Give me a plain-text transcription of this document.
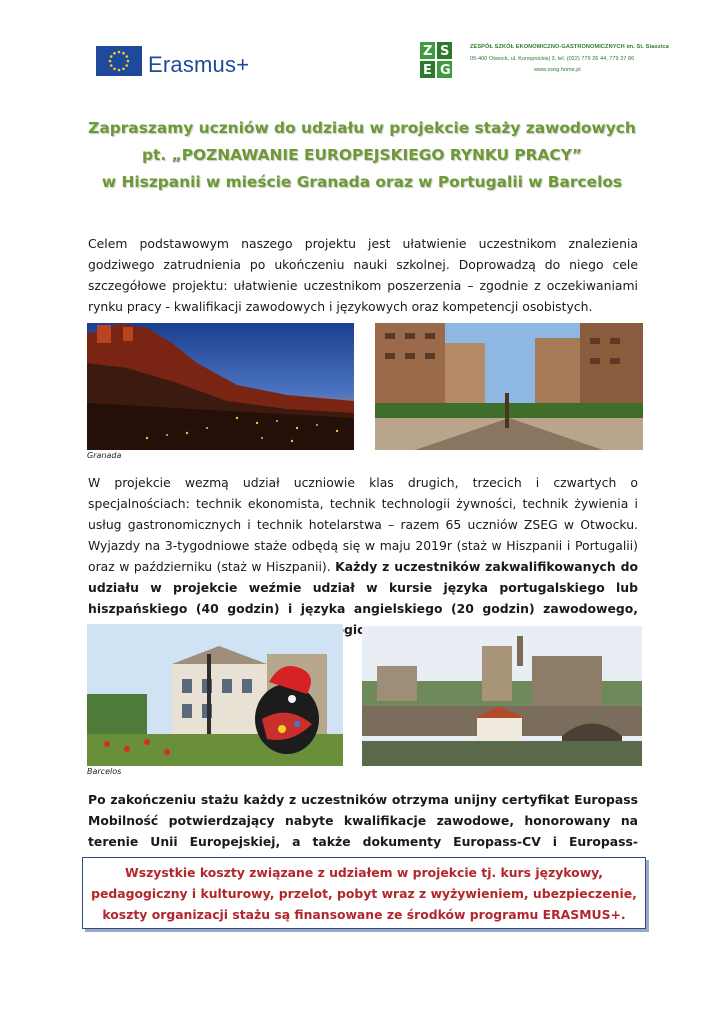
Erasmus+
Z S
E G
ZESPÓŁ SZKÓŁ EKONOMICZNO-GASTRONOMICZNYCH im. St. Staszica
05-400 Otwock, ul. Konopnickiej 3, tel. (022) 779 26 44, 779 37 86
www.zseg.home.pl
Zapraszamy uczniów do udziału w projekcie staży zawodowych
pt. „POZNAWANIE EUROPEJSKIEGO RYNKU PRACY”
w Hiszpanii w mieście Granada oraz w Portugalii w Barcelos
Celem podstawowym naszego projektu jest ułatwienie uczestnikom znalezienia godziwego zatrudnienia po ukończeniu nauki szkolnej. Doprowadzą do niego cele szczegółowe projektu: ułatwienie uczestnikom poszerzenia – zgodnie z oczekiwaniami rynku pracy - kwalifikacji zawodowych i językowych oraz kompetencji osobistych.
Granada
W projekcie wezmą udział uczniowie klas drugich, trzecich i czwartych o specjalnościach: technik ekonomista, technik technologii żywności, technik żywienia i usług gastronomicznych i technik hotelarstwa – razem 65 uczniów ZSEG w Otwocku. Wyjazdy na 3-tygodniowe staże odbędą się w maju 2019r (staż w Hiszpanii i Portugalii) oraz w październiku (staż w Hiszpanii). Każdy z uczestników zakwalifikowanych do udziału w projekcie weźmie udział w kursie języka portugalskiego lub hiszpańskiego (40 godzin) i języka angielskiego (20 godzin) zawodowego, pedagogicznym.
Barcelos
Po zakończeniu stażu każdy z uczestników otrzyma unijny certyfikat Europass Mobilność potwierdzający nabyte kwalifikacje zawodowe, honorowany na terenie Unii Europejskiej, a także dokumenty Europass-CV i Europass-
Wszystkie koszty związane z udziałem w projekcie tj. kurs językowy, pedagogiczny i kulturowy, przelot, pobyt wraz z wyżywieniem, ubezpieczenie, koszty organizacji stażu są finansowane ze środków programu ERASMUS+.
